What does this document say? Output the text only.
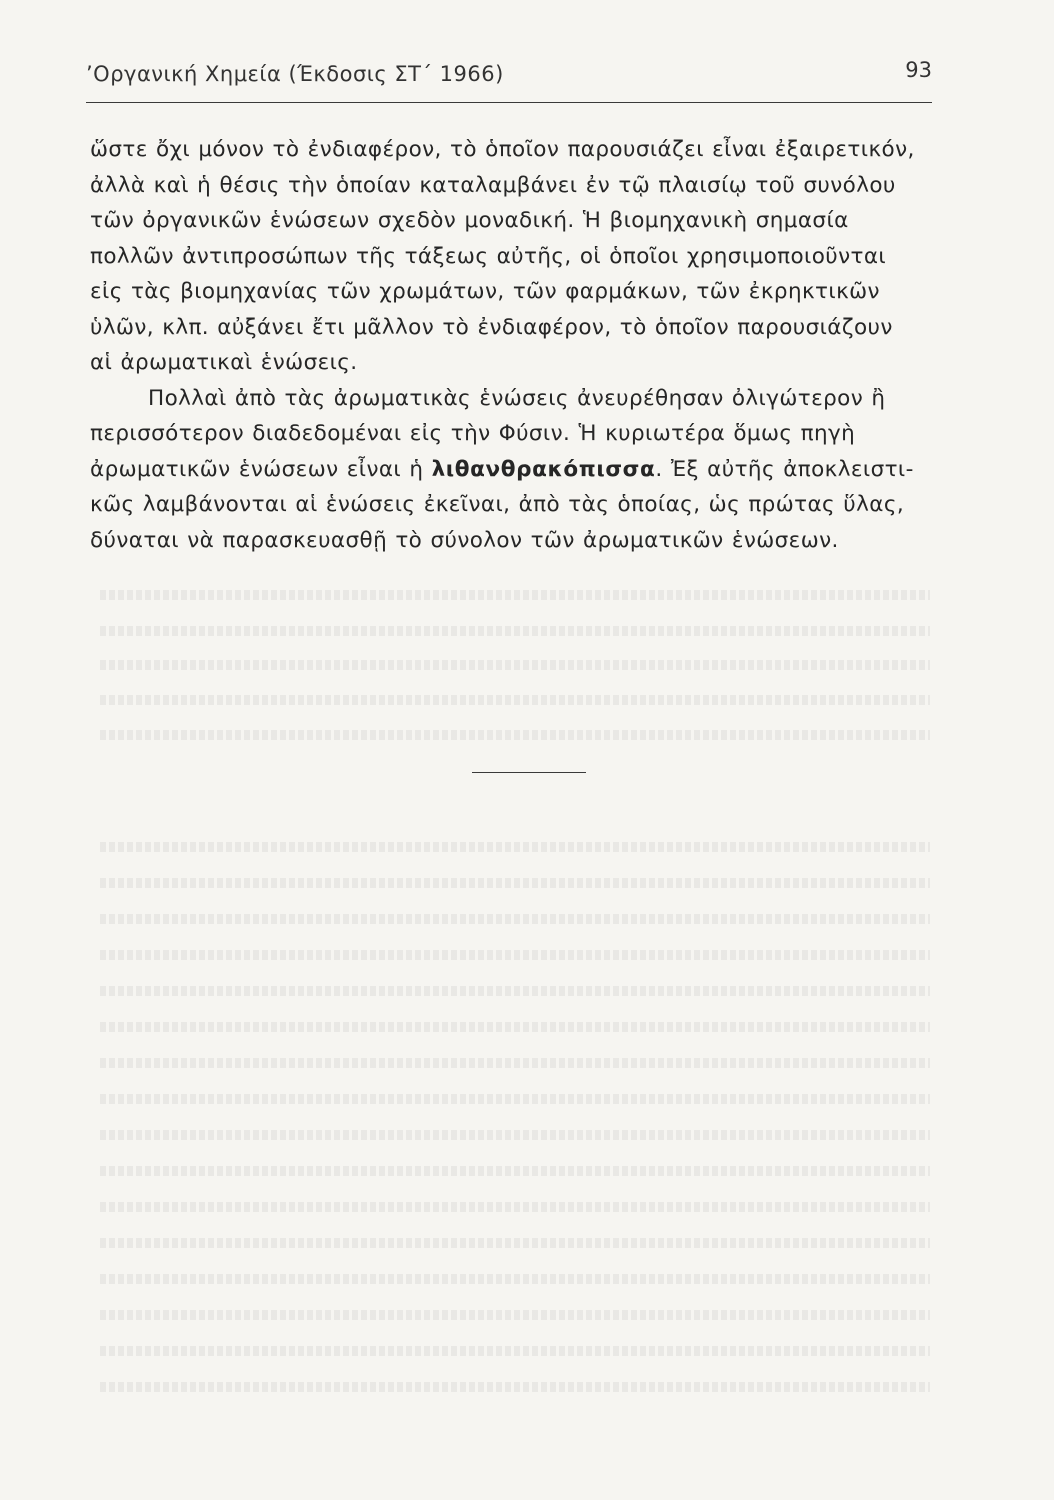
’Οργανική Χημεία (Έκδοσις ΣΤ΄ 1966)	93

ὥστε ὄχι μόνον τὸ ἐνδιαφέρον, τὸ ὁποῖον παρουσιάζει εἶναι ἐξαιρετικόν,
ἀλλὰ καὶ ἡ θέσις τὴν ὁποίαν καταλαμβάνει ἐν τῷ πλαισίῳ τοῦ συνόλου
τῶν ὀργανικῶν ἑνώσεων σχεδὸν μοναδική. Ἡ βιομηχανικὴ σημασία
πολλῶν ἀντιπροσώπων τῆς τάξεως αὐτῆς, οἱ ὁποῖοι χρησιμοποιοῦνται
εἰς τὰς βιομηχανίας τῶν χρωμάτων, τῶν φαρμάκων, τῶν ἐκρηκτικῶν
ὑλῶν, κλπ. αὐξάνει ἔτι μᾶλλον τὸ ἐνδιαφέρον, τὸ ὁποῖον παρουσιάζουν
αἱ ἀρωματικαὶ ἑνώσεις.

Πολλαὶ ἀπὸ τὰς ἀρωματικὰς ἑνώσεις ἀνευρέθησαν ὀλιγώτερον ἢ
περισσότερον διαδεδομέναι εἰς τὴν Φύσιν. Ἡ κυριωτέρα ὅμως πηγὴ
ἀρωματικῶν ἑνώσεων εἶναι ἡ λιθανθρακόπισσα. Ἐξ αὐτῆς ἀποκλειστι-
κῶς λαμβάνονται αἱ ἑνώσεις ἐκεῖναι, ἀπὸ τὰς ὁποίας, ὡς πρώτας ὕλας,
δύναται νὰ παρασκευασθῇ τὸ σύνολον τῶν ἀρωματικῶν ἑνώσεων.
